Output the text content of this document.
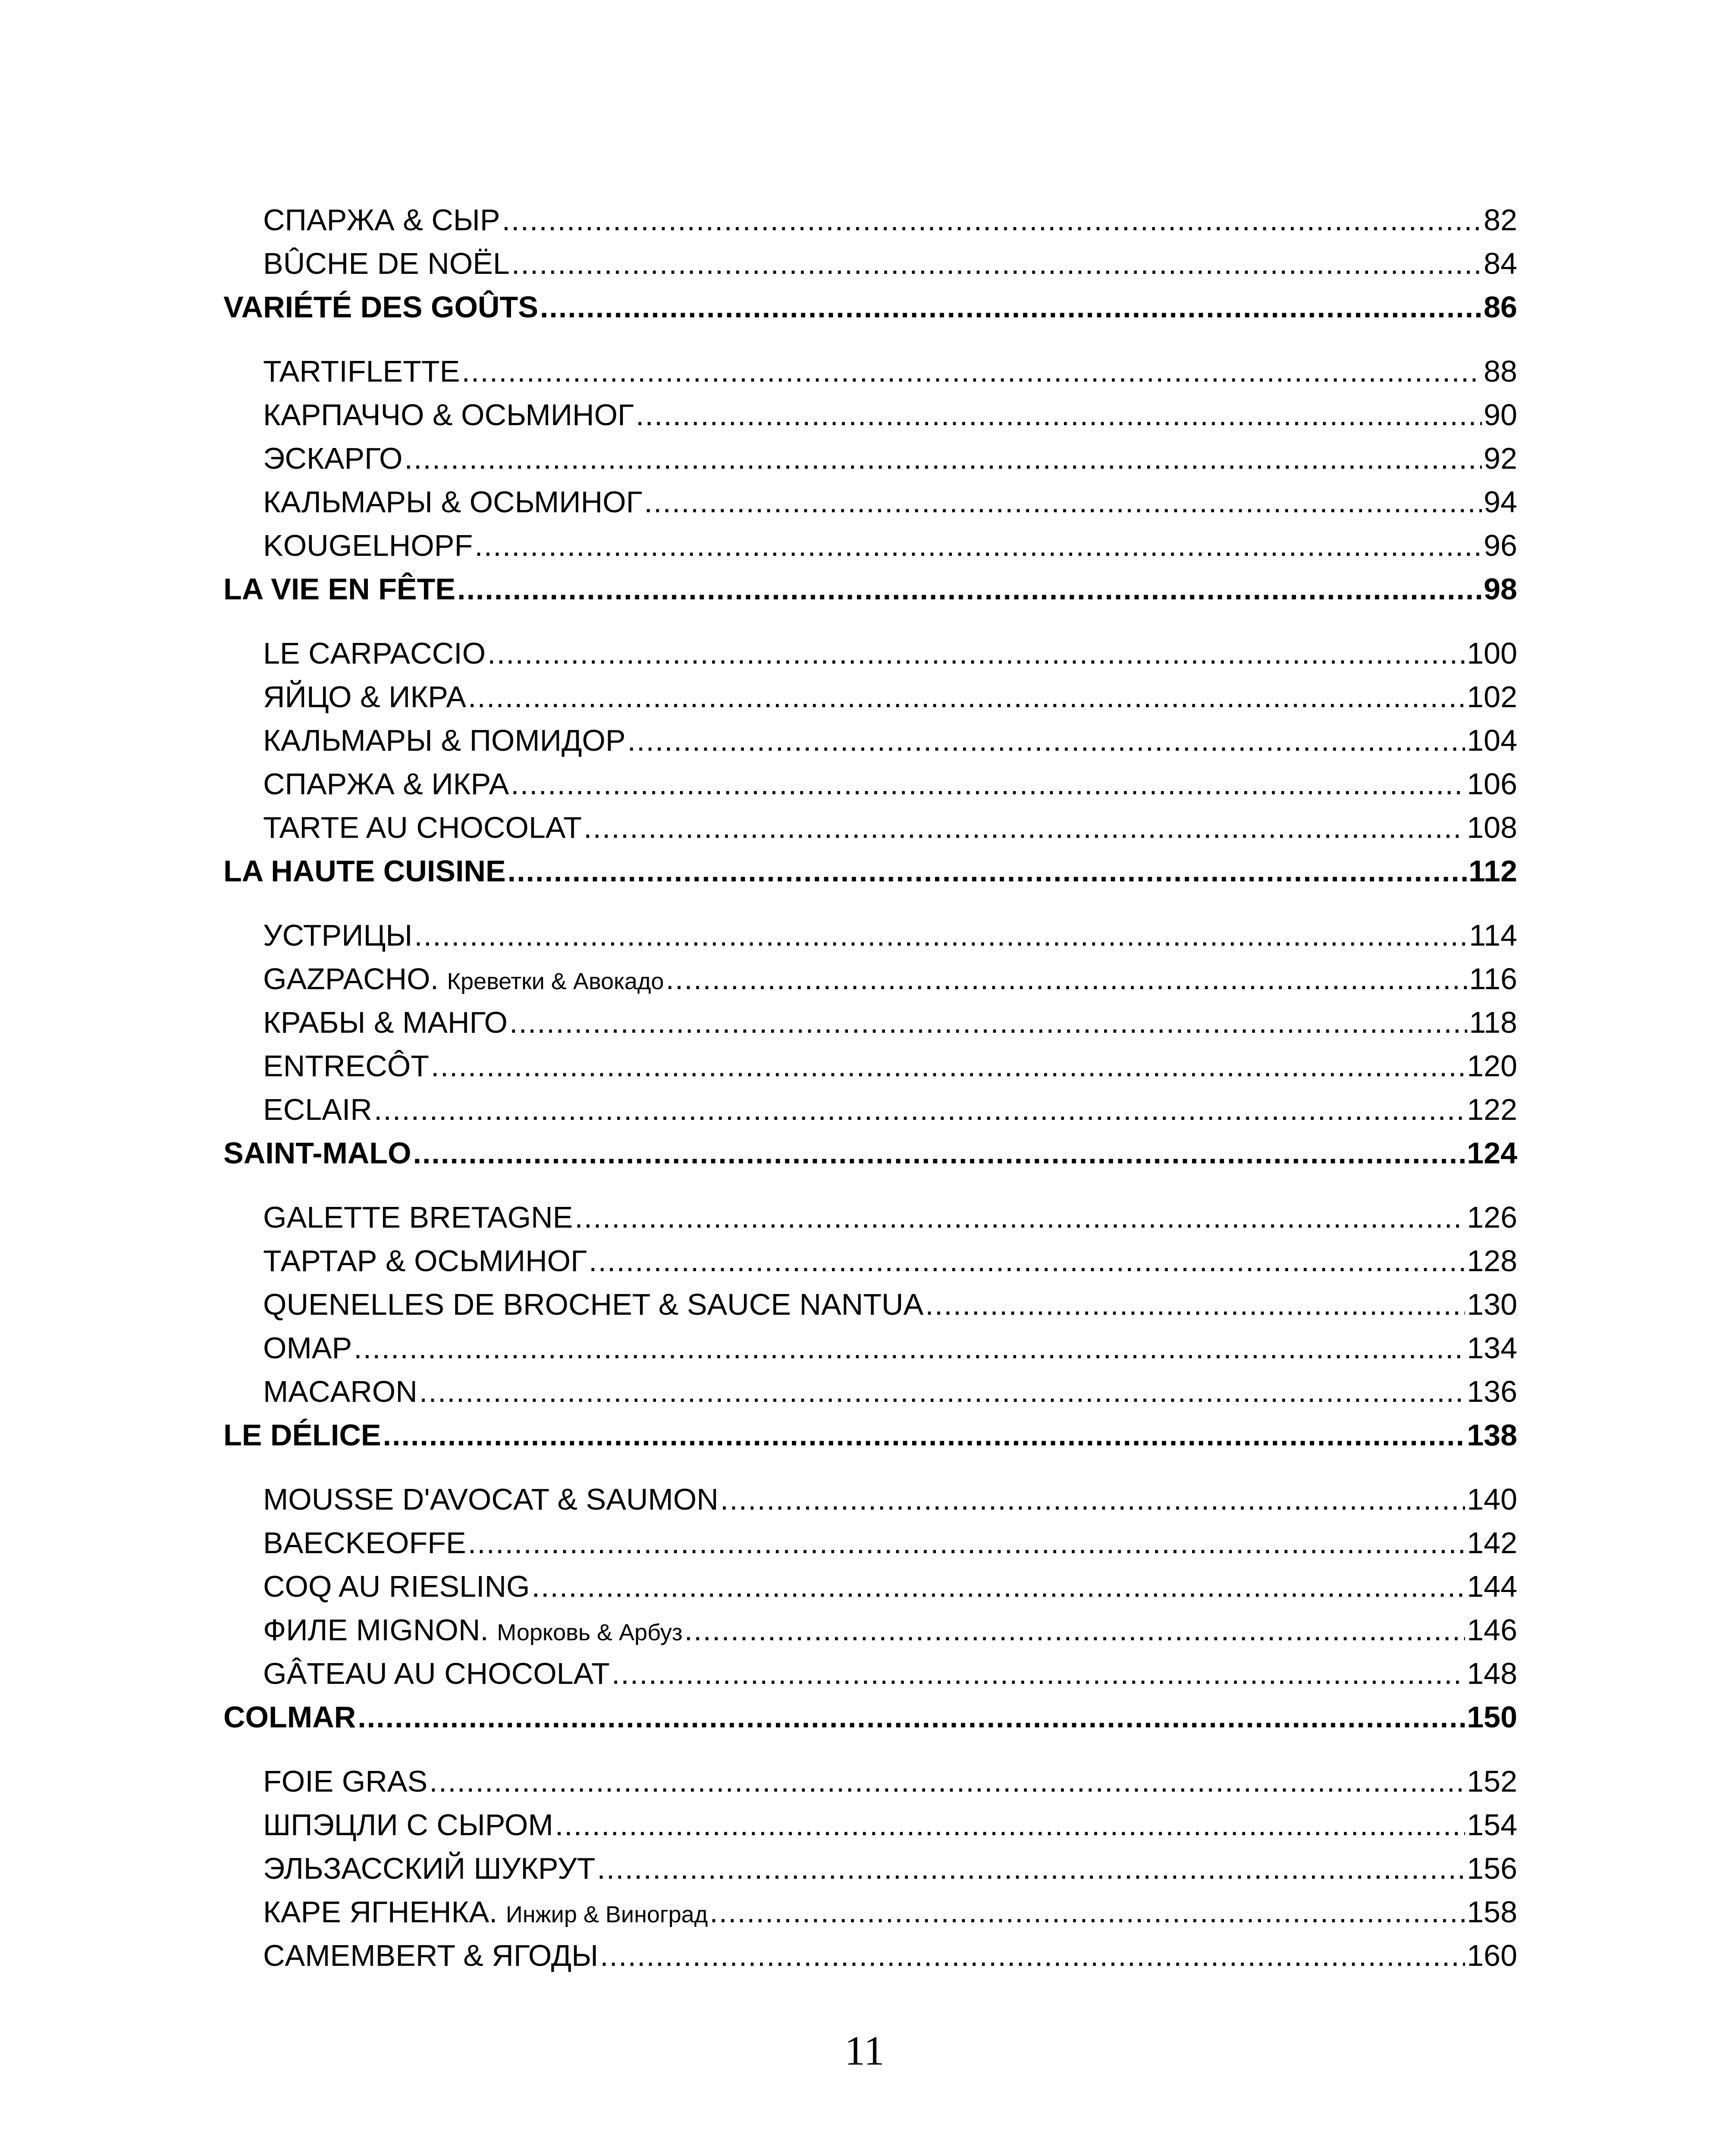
СПАРЖА & СЫР .....	82
BÛCHE DE NOËL .....	84
VARIÉTÉ DES GOÛTS .....	86
TARTIFLETTE .....	88
КАРПАЧЧО & ОСЬМИНОГ .....	90
ЭСКАРГО .....	92
КАЛЬМАРЫ & ОСЬМИНОГ .....	94
KOUGELHOPF .....	96
LA VIE EN FÊTE .....	98
LE CARPACCIO .....	100
ЯЙЦО & ИКРА .....	102
КАЛЬМАРЫ & ПОМИДОР .....	104
СПАРЖА & ИКРА .....	106
TARTE AU CHOCOLAT .....	108
LA HAUTE CUISINE .....	112
УСТРИЦЫ .....	114
GAZPACHO. Креветки & Авокадо .....	116
КРАБЫ & МАНГО .....	118
ENTRECÔT .....	120
ECLAIR .....	122
SAINT-MALO .....	124
GALETTE BRETAGNE .....	126
ТАРТАР & ОСЬМИНОГ .....	128
QUENELLES DE BROCHET & SAUCE NANTUA .....	130
OMAP .....	134
MACARON .....	136
LE DÉLICE .....	138
MOUSSE D'AVOCAT & SAUMON .....	140
BAECKEOFFE .....	142
COQ AU RIESLING .....	144
ФИЛЕ MIGNON. Морковь & Арбуз .....	146
GÂTEAU AU CHOCOLAT .....	148
COLMAR .....	150
FOIE GRAS .....	152
ШПЭЦЛИ С СЫРОМ .....	154
ЭЛЬЗАССКИЙ ШУКРУТ .....	156
КАРЕ ЯГНЕНКА. Инжир & Виноград .....	158
CAMEMBERT & ЯГОДЫ .....	160
11
